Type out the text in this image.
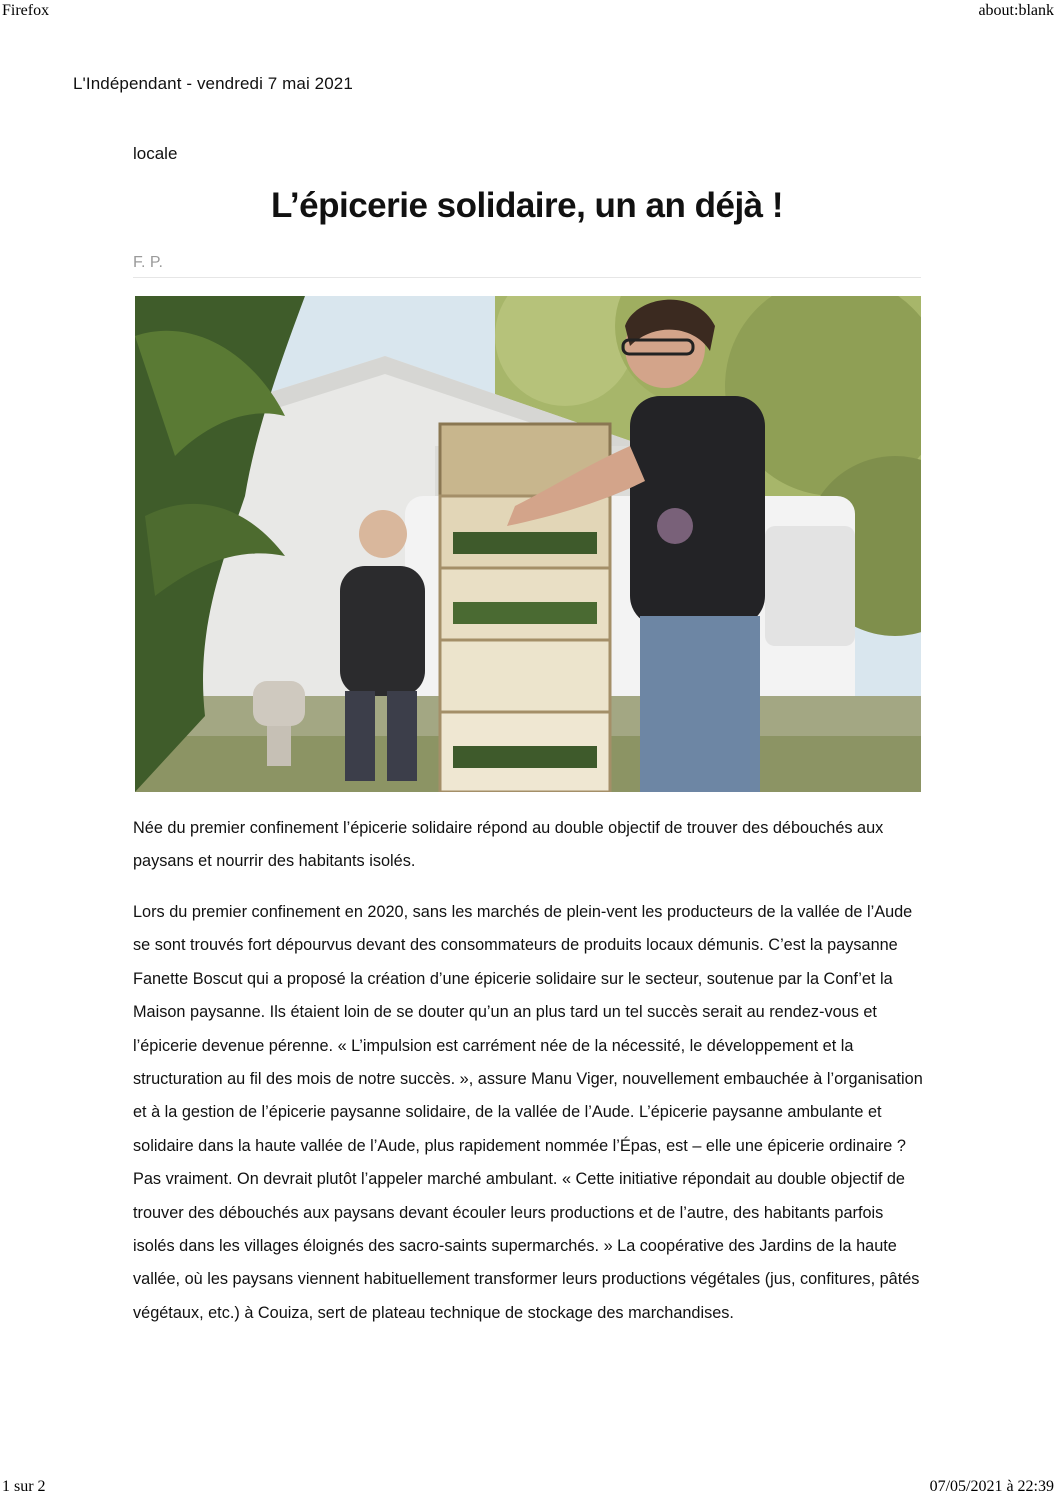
Firefox	about:blank
L'Indépendant - vendredi 7 mai 2021
locale
L’épicerie solidaire, un an déjà !
F. P.

Née du premier confinement l’épicerie solidaire répond au double objectif de trouver des débouchés aux paysans et nourrir des habitants isolés.

Lors du premier confinement en 2020, sans les marchés de plein-vent les producteurs de la vallée de l’Aude se sont trouvés fort dépourvus devant des consommateurs de produits locaux démunis. C’est la paysanne Fanette Boscut qui a proposé la création d’une épicerie solidaire sur le secteur, soutenue par la Conf’et la Maison paysanne. Ils étaient loin de se douter qu’un an plus tard un tel succès serait au rendez-vous et l’épicerie devenue pérenne. « L’impulsion est carrément née de la nécessité, le développement et la structuration au fil des mois de notre succès. », assure Manu Viger, nouvellement embauchée à l’organisation et à la gestion de l’épicerie paysanne solidaire, de la vallée de l’Aude. L’épicerie paysanne ambulante et solidaire dans la haute vallée de l’Aude, plus rapidement nommée l’Épas, est – elle une épicerie ordinaire ? Pas vraiment. On devrait plutôt l’appeler marché ambulant. « Cette initiative répondait au double objectif de trouver des débouchés aux paysans devant écouler leurs productions et de l’autre, des habitants parfois isolés dans les villages éloignés des sacro-saints supermarchés. » La coopérative des Jardins de la haute vallée, où les paysans viennent habituellement transformer leurs productions végétales (jus, confitures, pâtés végétaux, etc.) à Couiza, sert de plateau technique de stockage des marchandises.

1 sur 2	07/05/2021 à 22:39
